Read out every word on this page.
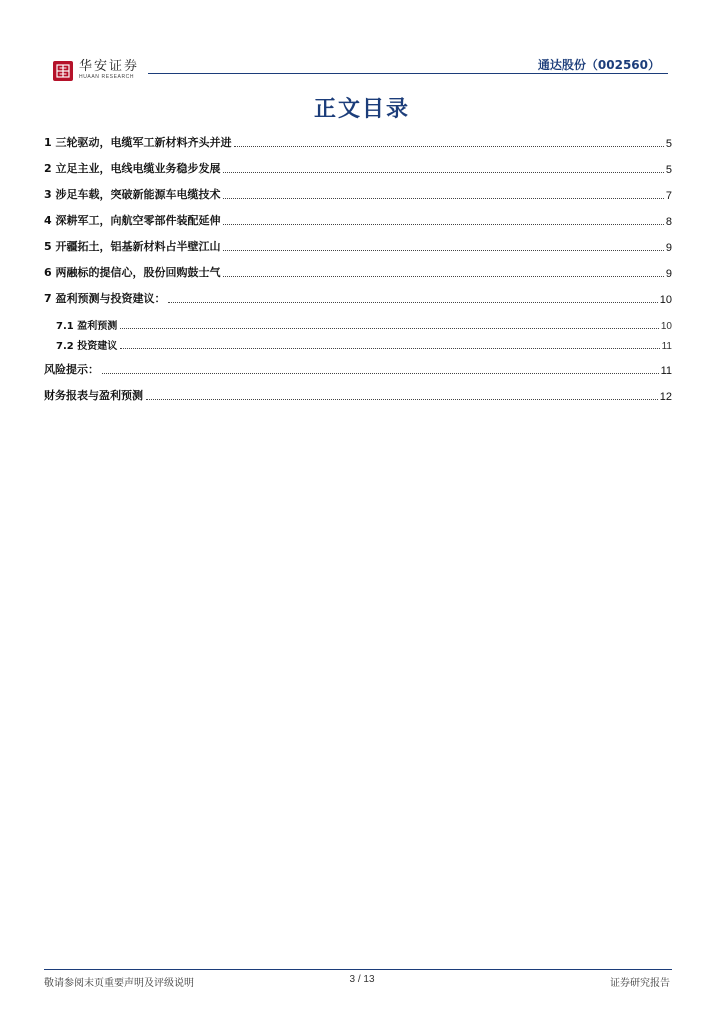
华安证券
HUAAN RESEARCH
通达股份（002560）
正文目录
1 三轮驱动，电缆军工新材料齐头并进	5
2 立足主业，电线电缆业务稳步发展	5
3 涉足车载，突破新能源车电缆技术	7
4 深耕军工，向航空零部件装配延伸	8
5 开疆拓土，铝基新材料占半壁江山	9
6 两融标的提信心，股份回购鼓士气	9
7 盈利预测与投资建议：	10
7.1 盈利预测	10
7.2 投资建议	11
风险提示：	11
财务报表与盈利预测	12
敬请参阅末页重要声明及评级说明	3 / 13	证券研究报告
